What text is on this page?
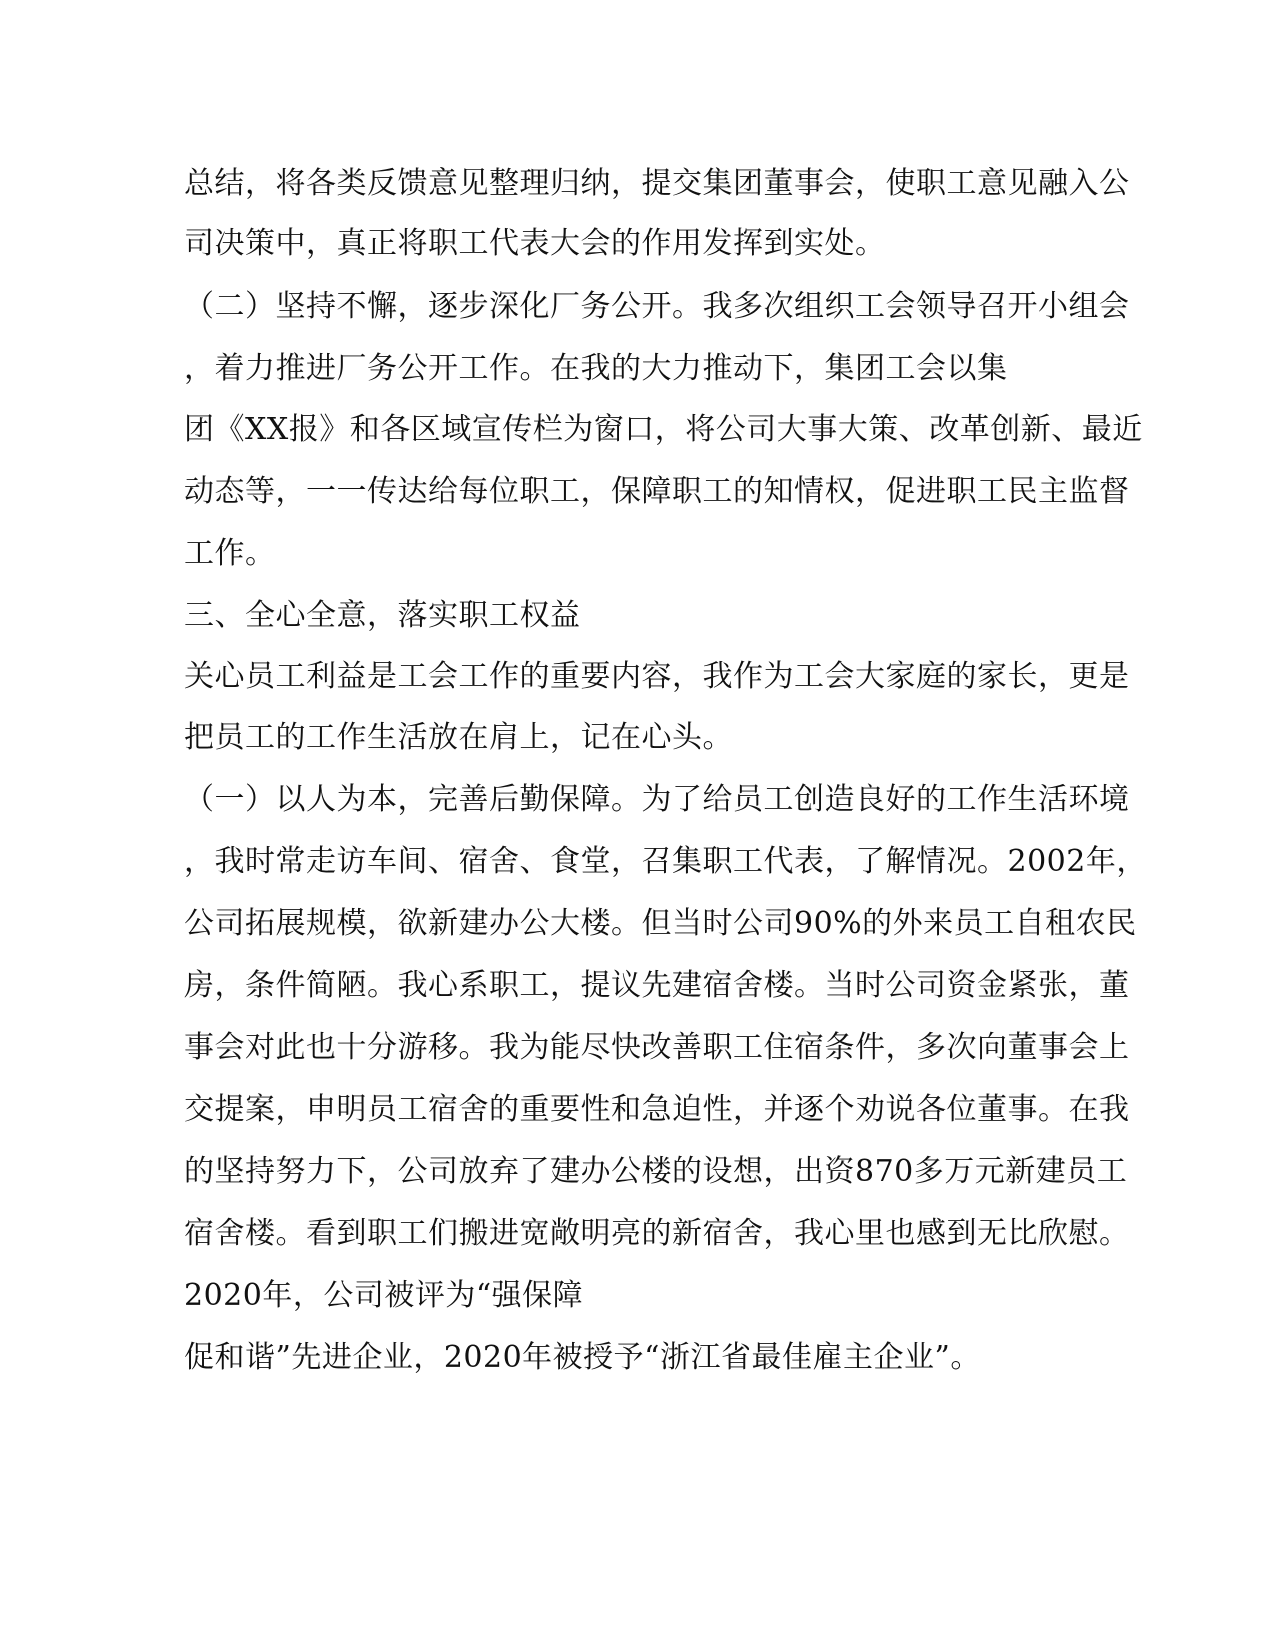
总结，将各类反馈意见整理归纳，提交集团董事会，使职工意见融入公
司决策中，真正将职工代表大会的作用发挥到实处。
（二）坚持不懈，逐步深化厂务公开。我多次组织工会领导召开小组会
，着力推进厂务公开工作。在我的大力推动下，集团工会以集
团《XX报》和各区域宣传栏为窗口，将公司大事大策、改革创新、最近
动态等，一一传达给每位职工，保障职工的知情权，促进职工民主监督
工作。
三、全心全意，落实职工权益
关心员工利益是工会工作的重要内容，我作为工会大家庭的家长，更是
把员工的工作生活放在肩上，记在心头。
（一）以人为本，完善后勤保障。为了给员工创造良好的工作生活环境
，我时常走访车间、宿舍、食堂，召集职工代表，了解情况。2002年，
公司拓展规模，欲新建办公大楼。但当时公司90%的外来员工自租农民
房，条件简陋。我心系职工，提议先建宿舍楼。当时公司资金紧张，董
事会对此也十分游移。我为能尽快改善职工住宿条件，多次向董事会上
交提案，申明员工宿舍的重要性和急迫性，并逐个劝说各位董事。在我
的坚持努力下，公司放弃了建办公楼的设想，出资870多万元新建员工
宿舍楼。看到职工们搬进宽敞明亮的新宿舍，我心里也感到无比欣慰。
2020年，公司被评为“强保障
促和谐”先进企业，2020年被授予“浙江省最佳雇主企业”。
